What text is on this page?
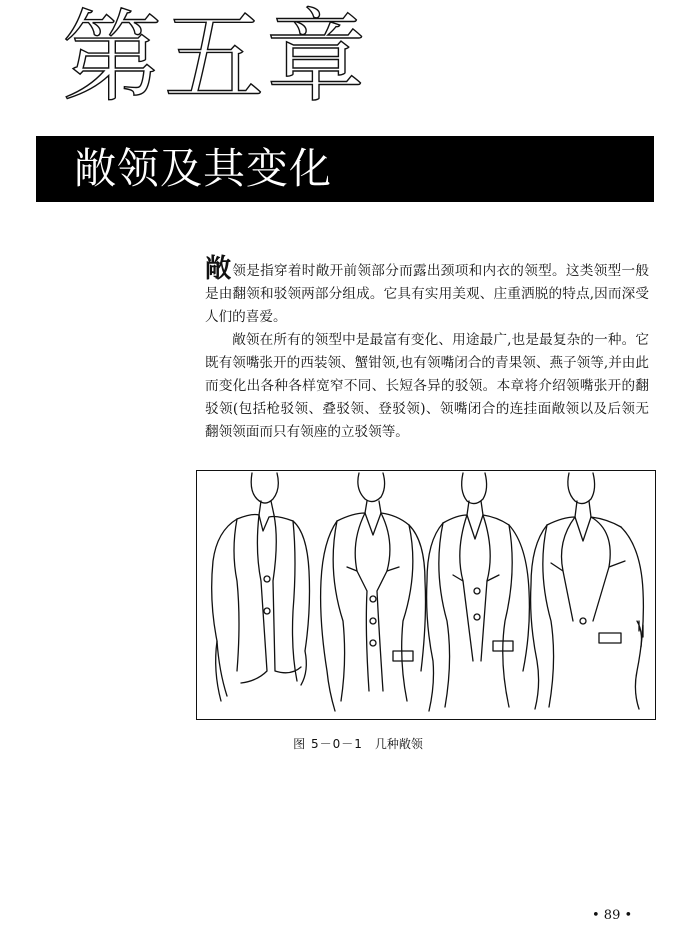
第五章
敞领及其变化

敞领是指穿着时敞开前领部分而露出颈项和内衣的领型。这类领型一般是由翻领和驳领两部分组成。它具有实用美观、庄重洒脱的特点,因而深受人们的喜爱。

敞领在所有的领型中是最富有变化、用途最广,也是最复杂的一种。它既有领嘴张开的西装领、蟹钳领,也有领嘴闭合的青果领、燕子领等,并由此而变化出各种各样宽窄不同、长短各异的驳领。本章将介绍领嘴张开的翻驳领(包括枪驳领、叠驳领、登驳领)、领嘴闭合的连挂面敞领以及后领无翻领领面而只有领座的立驳领等。

图 5－0－1 几种敞领
• 89 •
